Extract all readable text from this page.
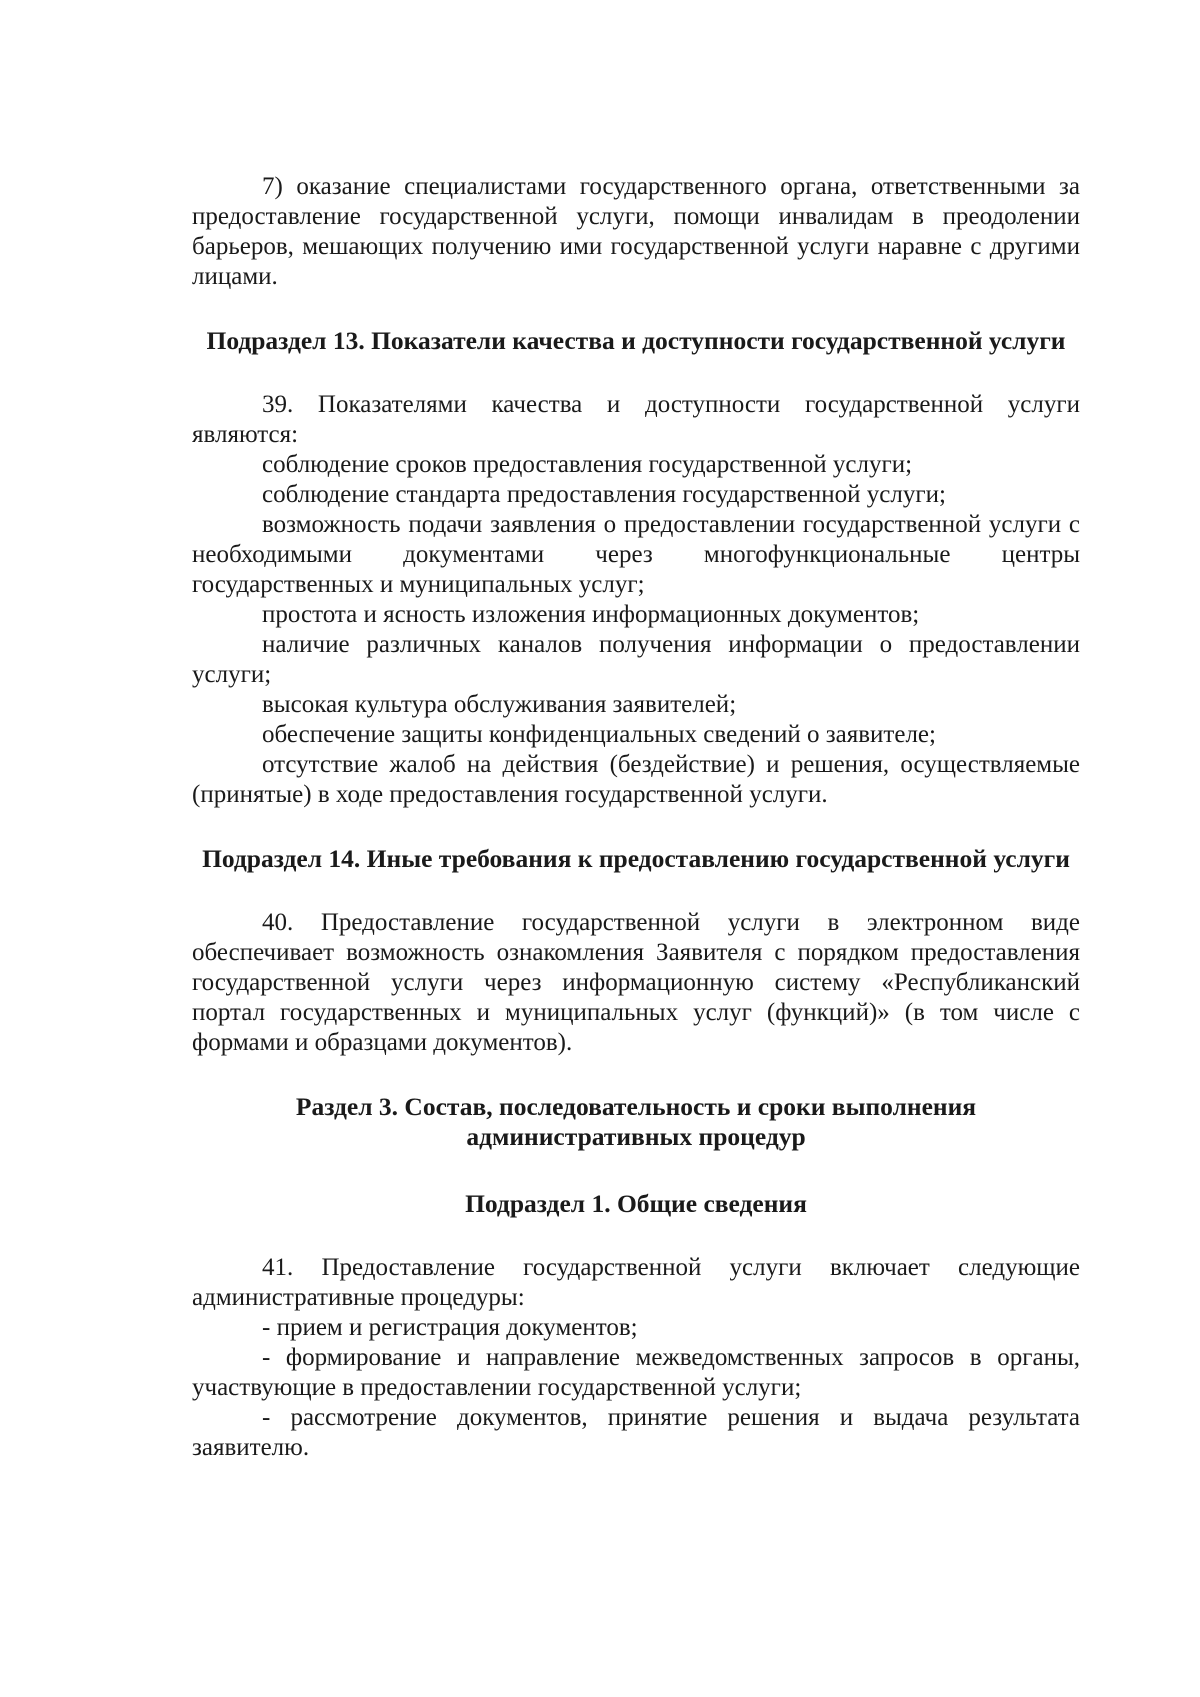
7) оказание специалистами государственного органа, ответственными за предоставление государственной услуги, помощи инвалидам в преодолении барьеров, мешающих получению ими государственной услуги наравне с другими лицами.

Подраздел 13. Показатели качества и доступности государственной услуги

39. Показателями качества и доступности государственной услуги являются:

соблюдение сроков предоставления государственной услуги;

соблюдение стандарта предоставления государственной услуги;

возможность подачи заявления о предоставлении государственной услуги с необходимыми документами через многофункциональные центры государственных и муниципальных услуг;

простота и ясность изложения информационных документов;

наличие различных каналов получения информации о предоставлении услуги;

высокая культура обслуживания заявителей;

обеспечение защиты конфиденциальных сведений о заявителе;

отсутствие жалоб на действия (бездействие) и решения, осуществляемые (принятые) в ходе предоставления государственной услуги.

Подраздел 14. Иные требования к предоставлению государственной услуги

40. Предоставление государственной услуги в электронном виде обеспечивает возможность ознакомления Заявителя с порядком предоставления государственной услуги через информационную систему «Республиканский портал государственных и муниципальных услуг (функций)» (в том числе с формами и образцами документов).

Раздел 3. Состав, последовательность и сроки выполнения административных процедур

Подраздел 1. Общие сведения

41. Предоставление государственной услуги включает следующие административные процедуры:

- прием и регистрация документов;

- формирование и направление межведомственных запросов в органы, участвующие в предоставлении государственной услуги;

- рассмотрение документов, принятие решения и выдача результата заявителю.
